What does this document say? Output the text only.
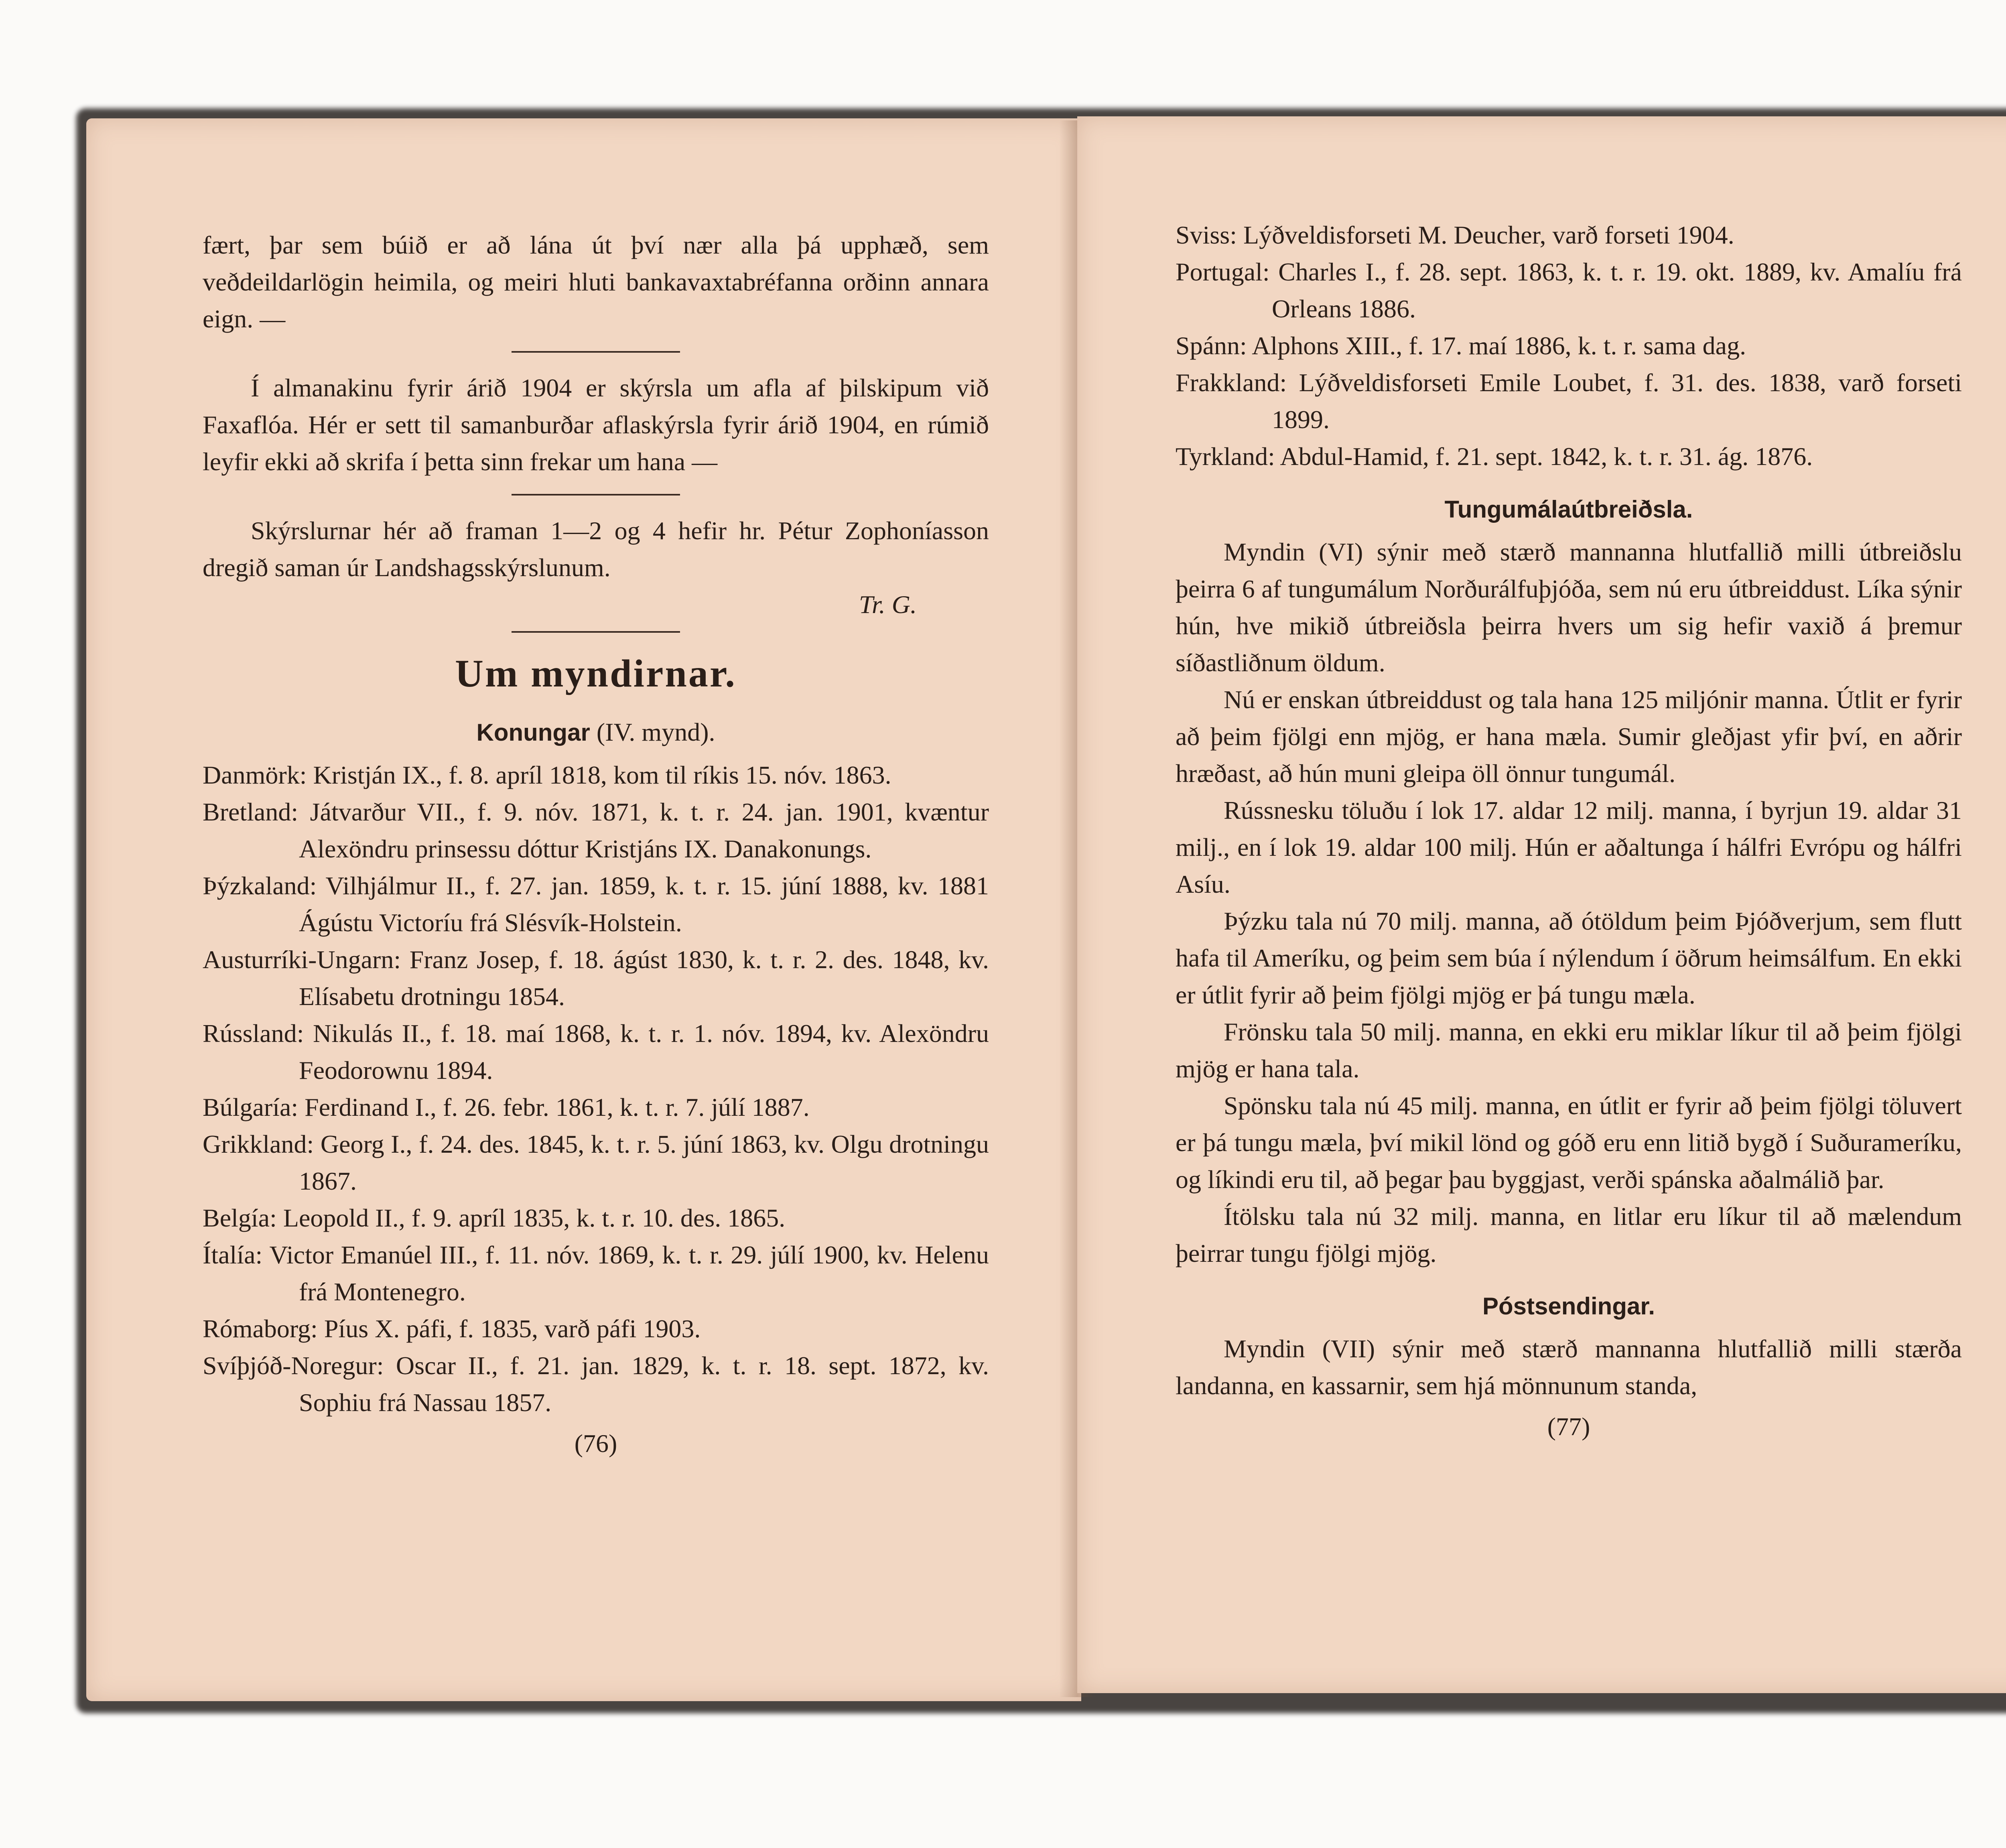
fært, þar sem búið er að lána út því nær alla þá upphæð, sem veðdeildarlögin heimila, og meiri hluti bankavaxtabréfanna orðinn annara eign. —

Í almanakinu fyrir árið 1904 er skýrsla um afla af þilskipum við Faxaflóa. Hér er sett til samanburðar aflaskýrsla fyrir árið 1904, en rúmið leyfir ekki að skrifa í þetta sinn frekar um hana —

Skýrslurnar hér að framan 1—2 og 4 hefir hr. Pétur Zophoníasson dregið saman úr Landshagsskýrslunum.

Tr. G.
Um myndirnar.
Konungar (IV. mynd).

Danmörk: Kristján IX., f. 8. apríl 1818, kom til ríkis 15. nóv. 1863.

Bretland: Játvarður VII., f. 9. nóv. 1871, k. t. r. 24. jan. 1901, kvæntur Alexöndru prinsessu dóttur Kristjáns IX. Danakonungs.

Þýzkaland: Vilhjálmur II., f. 27. jan. 1859, k. t. r. 15. júní 1888, kv. 1881 Ágústu Victoríu frá Slésvík-Holstein.

Austurríki-Ungarn: Franz Josep, f. 18. ágúst 1830, k. t. r. 2. des. 1848, kv. Elísabetu drotningu 1854.

Rússland: Nikulás II., f. 18. maí 1868, k. t. r. 1. nóv. 1894, kv. Alexöndru Feodorownu 1894.

Búlgaría: Ferdinand I., f. 26. febr. 1861, k. t. r. 7. júlí 1887.

Grikkland: Georg I., f. 24. des. 1845, k. t. r. 5. júní 1863, kv. Olgu drotningu 1867.

Belgía: Leopold II., f. 9. apríl 1835, k. t. r. 10. des. 1865.

Ítalía: Victor Emanúel III., f. 11. nóv. 1869, k. t. r. 29. júlí 1900, kv. Helenu frá Montenegro.

Rómaborg: Píus X. páfi, f. 1835, varð páfi 1903.

Svíþjóð-Noregur: Oscar II., f. 21. jan. 1829, k. t. r. 18. sept. 1872, kv. Sophiu frá Nassau 1857.

(76)

Sviss: Lýðveldisforseti M. Deucher, varð forseti 1904.

Portugal: Charles I., f. 28. sept. 1863, k. t. r. 19. okt. 1889, kv. Amalíu frá Orleans 1886.

Spánn: Alphons XIII., f. 17. maí 1886, k. t. r. sama dag.

Frakkland: Lýðveldisforseti Emile Loubet, f. 31. des. 1838, varð forseti 1899.

Tyrkland: Abdul-Hamid, f. 21. sept. 1842, k. t. r. 31. ág. 1876.

Tungumálaútbreiðsla.

Myndin (VI) sýnir með stærð mannanna hlutfallið milli útbreiðslu þeirra 6 af tungumálum Norðurálfuþjóða, sem nú eru útbreiddust. Líka sýnir hún, hve mikið útbreiðsla þeirra hvers um sig hefir vaxið á þremur síðastliðnum öldum.

Nú er enskan útbreiddust og tala hana 125 miljónir manna. Útlit er fyrir að þeim fjölgi enn mjög, er hana mæla. Sumir gleðjast yfir því, en aðrir hræðast, að hún muni gleipa öll önnur tungumál.

Rússnesku töluðu í lok 17. aldar 12 milj. manna, í byrjun 19. aldar 31 milj., en í lok 19. aldar 100 milj. Hún er aðaltunga í hálfri Evrópu og hálfri Asíu.

Þýzku tala nú 70 milj. manna, að ótöldum þeim Þjóðverjum, sem flutt hafa til Ameríku, og þeim sem búa í nýlendum í öðrum heimsálfum. En ekki er útlit fyrir að þeim fjölgi mjög er þá tungu mæla.

Frönsku tala 50 milj. manna, en ekki eru miklar líkur til að þeim fjölgi mjög er hana tala.

Spönsku tala nú 45 milj. manna, en útlit er fyrir að þeim fjölgi töluvert er þá tungu mæla, því mikil lönd og góð eru enn litið bygð í Suðurameríku, og líkindi eru til, að þegar þau byggjast, verði spánska aðalmálið þar.

Ítölsku tala nú 32 milj. manna, en litlar eru líkur til að mælendum þeirrar tungu fjölgi mjög.

Póstsendingar.

Myndin (VII) sýnir með stærð mannanna hlutfallið milli stærða landanna, en kassarnir, sem hjá mönnunum standa,

(77)
